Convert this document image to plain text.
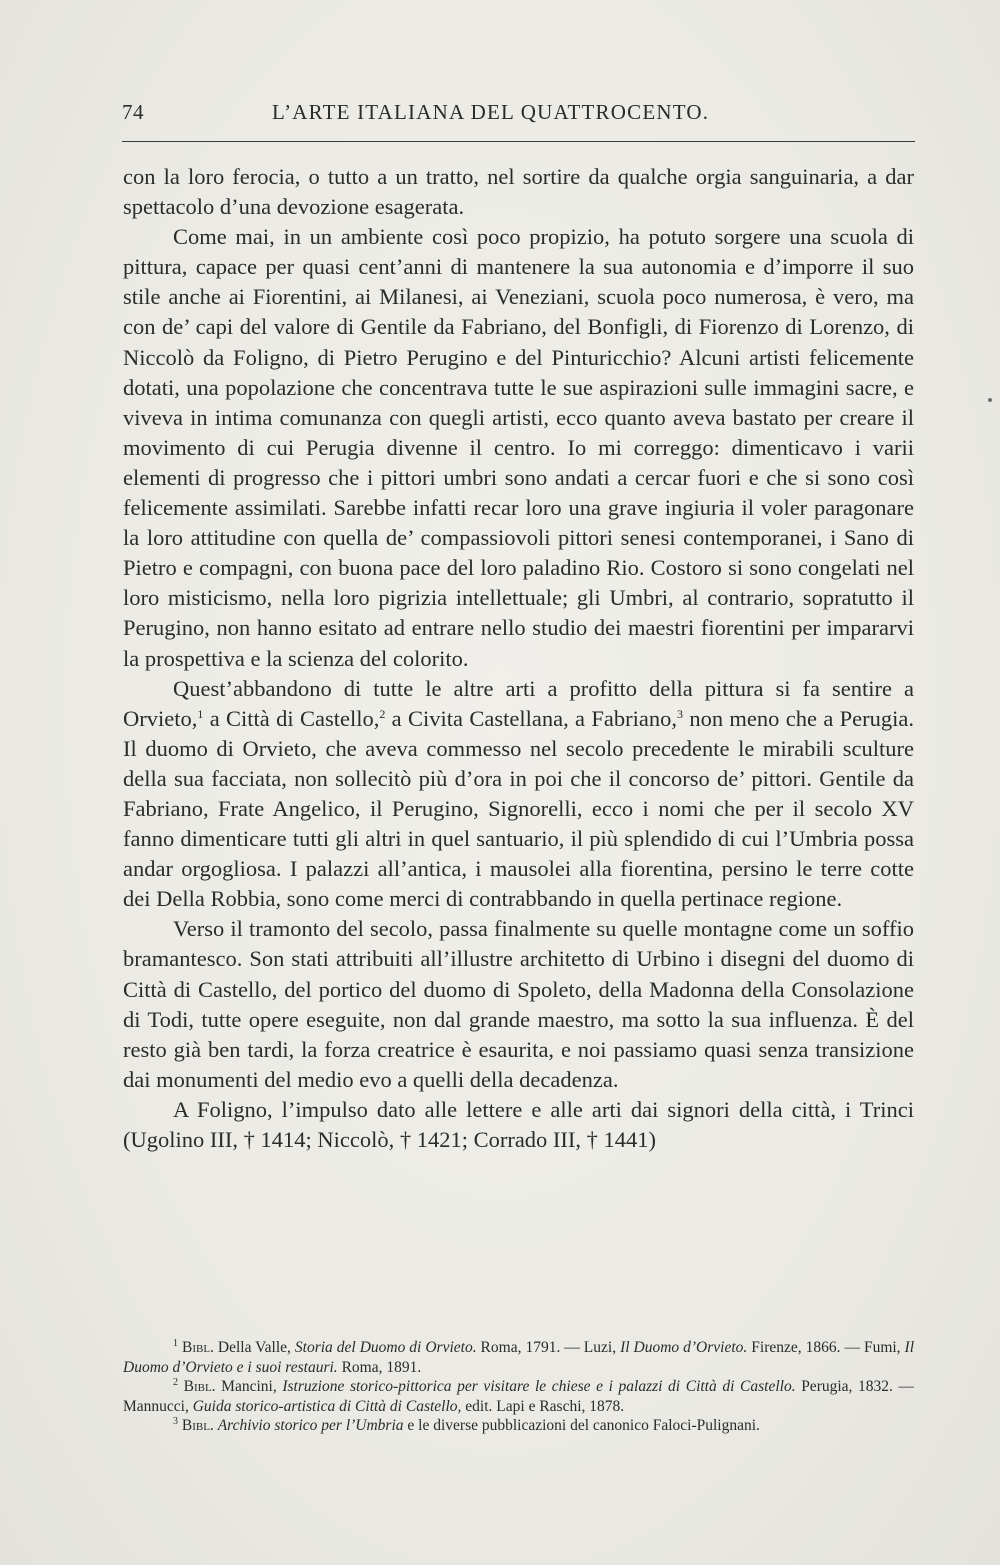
74	L’ARTE ITALIANA DEL QUATTROCENTO.

con la loro ferocia, o tutto a un tratto, nel sortire da qualche orgia sanguinaria, a dar spettacolo d’una devozione esagerata.

Come mai, in un ambiente così poco propizio, ha potuto sorgere una scuola di pittura, capace per quasi cent’anni di mantenere la sua autonomia e d’imporre il suo stile anche ai Fiorentini, ai Milanesi, ai Veneziani, scuola poco numerosa, è vero, ma con de’ capi del valore di Gentile da Fabriano, del Bonfigli, di Fiorenzo di Lorenzo, di Niccolò da Foligno, di Pietro Perugino e del Pinturicchio? Alcuni artisti felicemente dotati, una popolazione che concentrava tutte le sue aspirazioni sulle immagini sacre, e viveva in intima comunanza con quegli artisti, ecco quanto aveva bastato per creare il movimento di cui Perugia divenne il centro. Io mi correggo: dimenticavo i varii elementi di progresso che i pittori umbri sono andati a cercar fuori e che si sono così felicemente assimilati. Sarebbe infatti recar loro una grave ingiuria il voler paragonare la loro attitudine con quella de’ compassiovoli pittori senesi contemporanei, i Sano di Pietro e compagni, con buona pace del loro paladino Rio. Costoro si sono congelati nel loro misticismo, nella loro pigrizia intellettuale; gli Umbri, al contrario, sopratutto il Perugino, non hanno esitato ad entrare nello studio dei maestri fiorentini per impararvi la prospettiva e la scienza del colorito.

Quest’abbandono di tutte le altre arti a profitto della pittura si fa sentire a Orvieto,$^1$ a Città di Castello,$^2$ a Civita Castellana, a Fabriano,$^3$ non meno che a Perugia. Il duomo di Orvieto, che aveva commesso nel secolo precedente le mirabili sculture della sua facciata, non sollecitò più d’ora in poi che il concorso de’ pittori. Gentile da Fabriano, Frate Angelico, il Perugino, Signorelli, ecco i nomi che per il secolo XV fanno dimenticare tutti gli altri in quel santuario, il più splendido di cui l’Umbria possa andar orgogliosa. I palazzi all’antica, i mausolei alla fiorentina, persino le terre cotte dei Della Robbia, sono come merci di contrabbando in quella pertinace regione.

Verso il tramonto del secolo, passa finalmente su quelle montagne come un soffio bramantesco. Son stati attribuiti all’illustre architetto di Urbino i disegni del duomo di Città di Castello, del portico del duomo di Spoleto, della Madonna della Consolazione di Todi, tutte opere eseguite, non dal grande maestro, ma sotto la sua influenza. È del resto già ben tardi, la forza creatrice è esaurita, e noi passiamo quasi senza transizione dai monumenti del medio evo a quelli della decadenza.

A Foligno, l’impulso dato alle lettere e alle arti dai signori della città, i Trinci (Ugolino III, † 1414; Niccolò, † 1421; Corrado III, † 1441)

$^1$ Bibl. Della Valle, Storia del Duomo di Orvieto. Roma, 1791. — Luzi, Il Duomo d’Orvieto. Firenze, 1866. — Fumi, Il Duomo d’Orvieto e i suoi restauri. Roma, 1891.

$^2$ Bibl. Mancini, Istruzione storico-pittorica per visitare le chiese e i palazzi di Città di Castello. Perugia, 1832. — Mannucci, Guida storico-artistica di Città di Castello, edit. Lapi e Raschi, 1878.

$^3$ Bibl. Archivio storico per l’Umbria e le diverse pubblicazioni del canonico Faloci-Pulignani.
